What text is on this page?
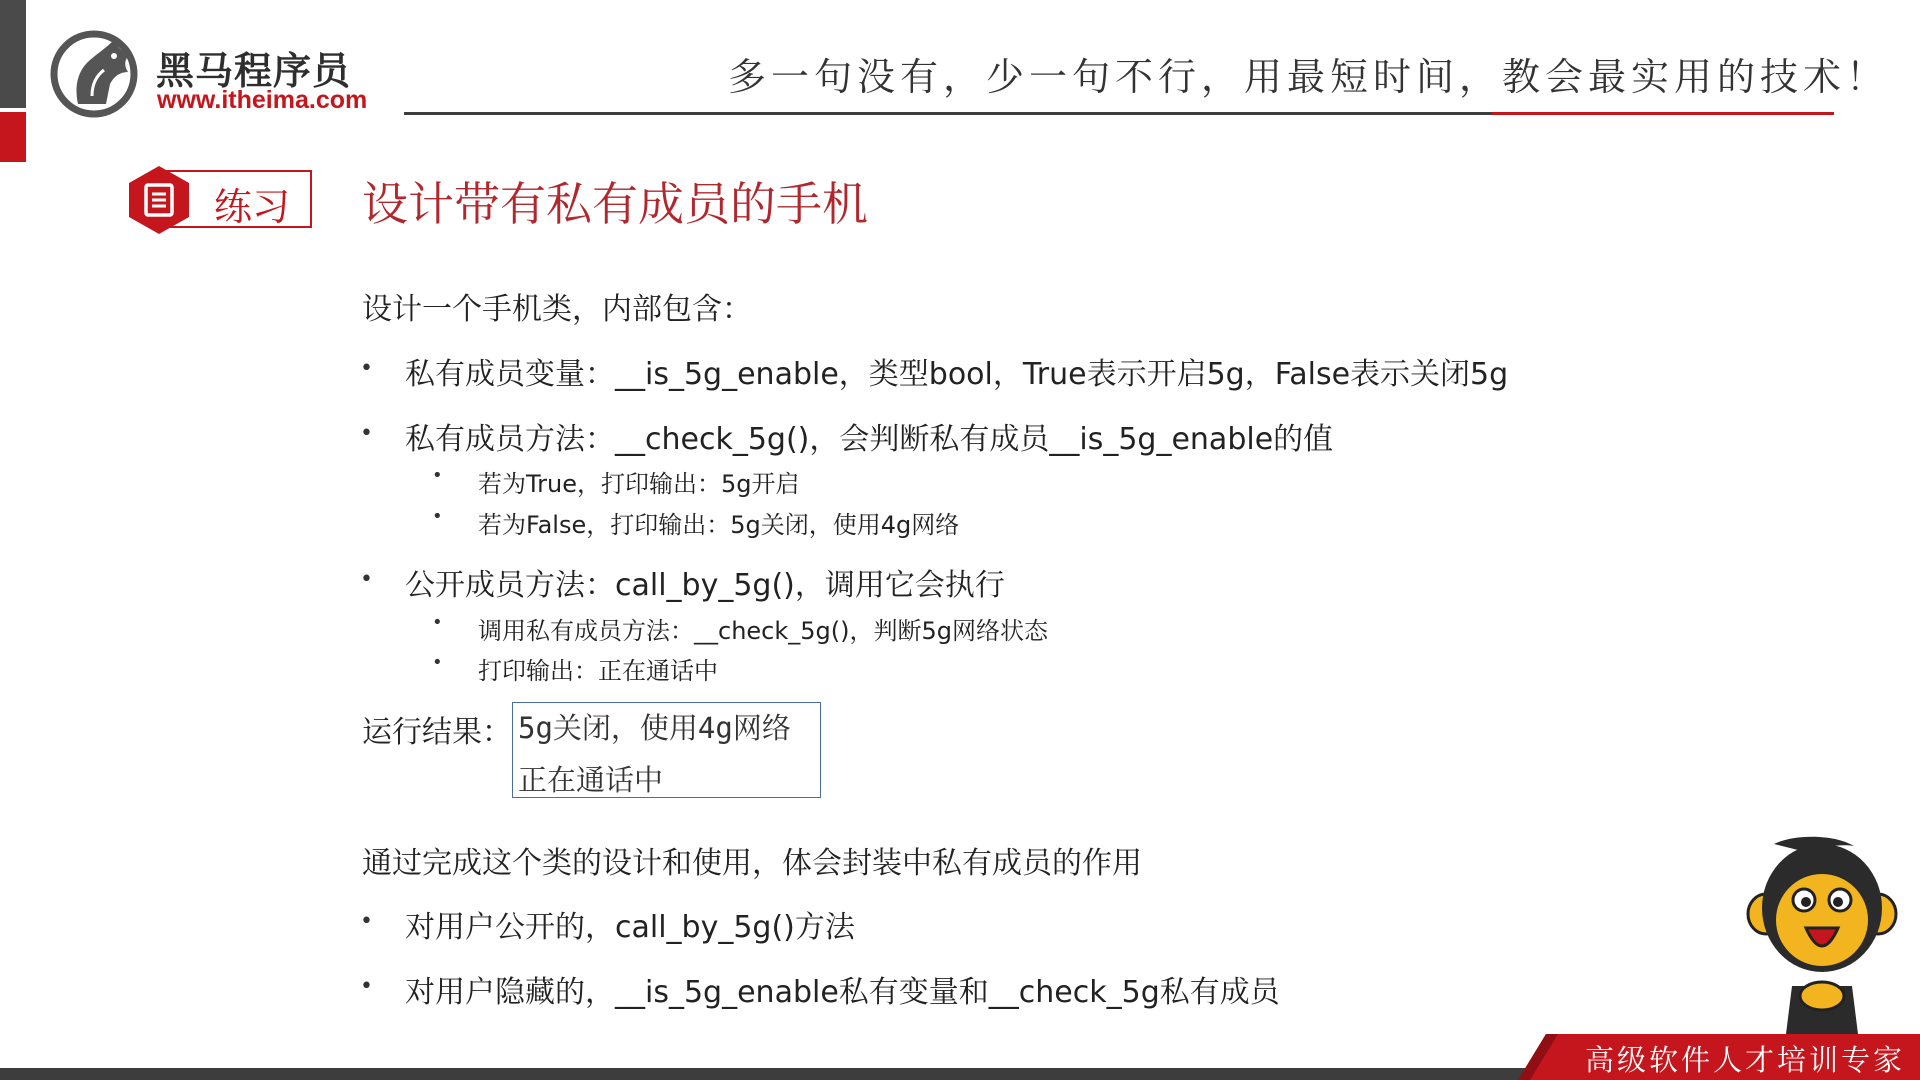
黑马程序员
www.itheima.com
多一句没有，少一句不行，用最短时间，教会最实用的技术！
练习 设计带有私有成员的手机
设计一个手机类，内部包含：
• 私有成员变量：__is_5g_enable，类型bool，True表示开启5g，False表示关闭5g
• 私有成员方法：__check_5g()，会判断私有成员__is_5g_enable的值
• 若为True，打印输出：5g开启
• 若为False，打印输出：5g关闭，使用4g网络
• 公开成员方法：call_by_5g()，调用它会执行
• 调用私有成员方法：__check_5g()，判断5g网络状态
• 打印输出：正在通话中
运行结果： 5g关闭，使用4g网络
正在通话中
通过完成这个类的设计和使用，体会封装中私有成员的作用
• 对用户公开的，call_by_5g()方法
• 对用户隐藏的，__is_5g_enable私有变量和__check_5g私有成员
高级软件人才培训专家
